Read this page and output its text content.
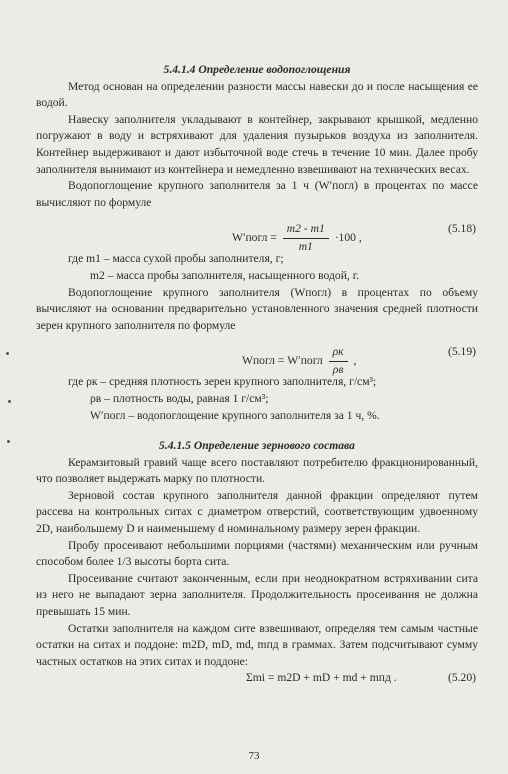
5.4.1.4 Определение водопоглощения

Метод основан на определении разности массы навески до и после насыщения ее водой.

Навеску заполнителя укладывают в контейнер, закрывают крышкой, медленно погружают в воду и встряхивают для удаления пузырьков воздуха из заполнителя. Контейнер выдерживают и дают избыточной воде стечь в течение 10 мин. Далее пробу заполнителя вынимают из контейнера и немедленно взвешивают на технических весах.

Водопоглощение крупного заполнителя за 1 ч (W′погл) в процентах по массе вычисляют по формуле

W′погл = $\frac{m2 - m1}{m1} \cdot 100$ ,
(5.18)

где m1 – масса сухой пробы заполнителя, г;

m2 – масса пробы заполнителя, насыщенного водой, г.

Водопоглощение крупного заполнителя (Wпогл) в процентах по объему вычисляют на основании предварительно установленного значения средней плотности зерен крупного заполнителя по формуле

Wпогл = W′погл $\frac{\rho к}{\rho в}$ ,
(5.19)

где ρк – средняя плотность зерен крупного заполнителя, г/см³;

ρв – плотность воды, равная 1 г/см³;

W′погл – водопоглощение крупного заполнителя за 1 ч, %.

5.4.1.5 Определение зернового состава

Керамзитовый гравий чаще всего поставляют потребителю фракционированный, что позволяет выдержать марку по плотности.

Зерновой состав крупного заполнителя данной фракции определяют путем рассева на контрольных ситах с диаметром отверстий, соответствующим удвоенному 2D, наибольшему D и наименьшему d номинальному размеру зерен фракции.

Пробу просеивают небольшими порциями (частями) механическим или ручным способом более 1/3 высоты борта сита.

Просеивание считают законченным, если при неоднократном встряхивании сита из него не выпадают зерна заполнителя. Продолжительность просеивания не должна превышать 15 мин.

Остатки заполнителя на каждом сите взвешивают, определяя тем самым частные остатки на ситах и поддоне: m2D, mD, md, mпд в граммах. Затем подсчитывают сумму частных остатков на этих ситах и поддоне:

Σmi = m2D + mD + md + mпд .	(5.20)
73
